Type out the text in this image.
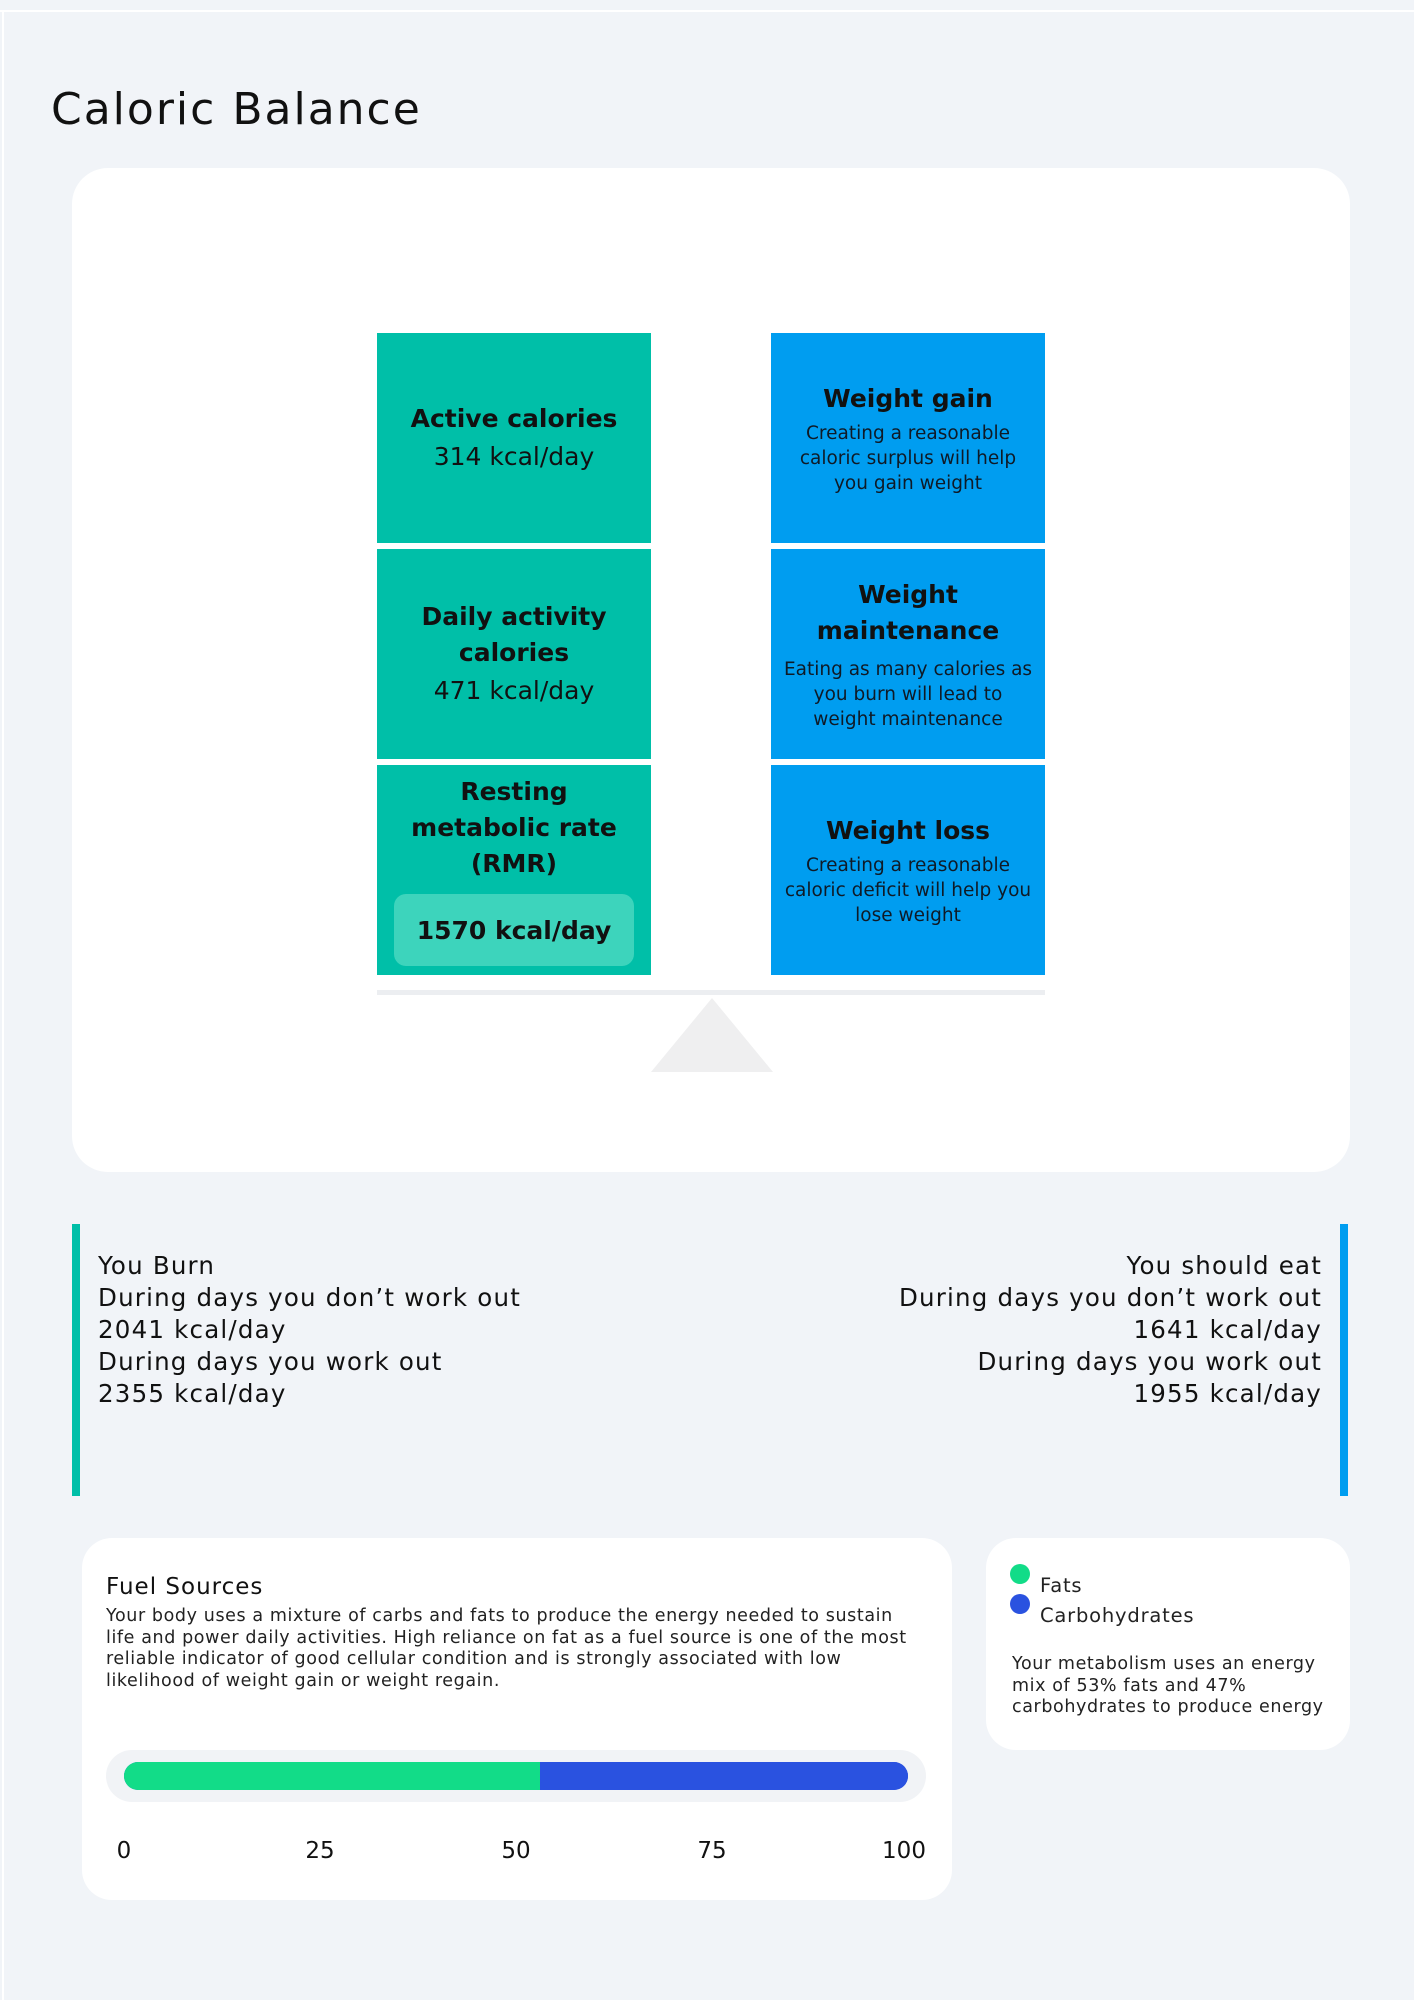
Caloric Balance
Active calories
314 kcal/day
Daily activity calories
471 kcal/day
Resting metabolic rate (RMR)
1570 kcal/day
Weight gain
Creating a reasonable caloric surplus will help you gain weight
Weight maintenance
Eating as many calories as you burn will lead to weight maintenance
Weight loss
Creating a reasonable caloric deficit will help you lose weight
You Burn
During days you don’t work out
2041 kcal/day
During days you work out
2355 kcal/day
You should eat
During days you don’t work out
1641 kcal/day
During days you work out
1955 kcal/day
Fuel Sources
Your body uses a mixture of carbs and fats to produce the energy needed to sustain life and power daily activities. High reliance on fat as a fuel source is one of the most reliable indicator of good cellular condition and is strongly associated with low likelihood of weight gain or weight regain.
0	25	50	75	100
Fats
Carbohydrates
Your metabolism uses an energy mix of 53% fats and 47% carbohydrates to produce energy
